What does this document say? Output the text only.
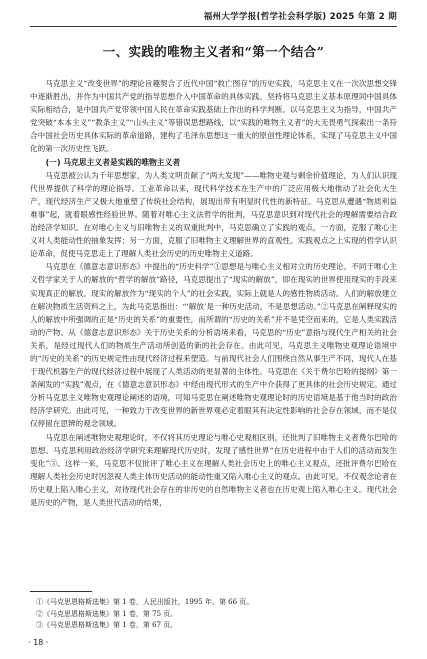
福州大学学报(哲学社会科学版) 2025 年第 2 期
一、实践的唯物主义者和“第一个结合”

马克思主义“改变世界”的理论旨趣契合了近代中国“救亡图存”的历史实践，马克思主义在一次次思想交锋中逐渐胜出，并作为中国共产党的指导思想介入中国革命的具体实践。坚持将马克思主义基本原理同中国具体实际相结合，是中国共产党带领中国人民在革命实践基础上作出的科学判断。以马克思主义为指导，中国共产党突破“本本主义”“教条主义”“山头主义”等错误思想路线，以“实践的唯物主义者”的大无畏勇气探索出一条符合中国社会历史具体实际的革命道路，建构了毛泽东思想这一重大的原创性理论体系，实现了马克思主义中国化的第一次历史性飞跃。

(一) 马克思主义者是实践的唯物主义者

马克思被公认为千年思想家，为人类文明贡献了“两大发现”——唯物史观与剩余价值理论，为人们认识现代世界提供了科学的理论指导。工业革命以来，现代科学技术在生产中的广泛应用极大地推动了社会化大生产，现代经济生产又极大地重塑了传统社会结构，展现出带有明显时代性的新特征。马克思从遭遇“物质利益难事”起，就着眼感性经验世界。随着对唯心主义法哲学的批判，马克思意识到对现代社会的理解需要结合政治经济学知识。在对唯心主义与旧唯物主义的双重批判中，马克思确立了实践的观点，一方面，克服了唯心主义对人类能动性的抽象发挥；另一方面，克服了旧唯物主义理解世界的直观性。实践观点之上实现的哲学认识论革命，促使马克思走上了理解人类社会历史的历史唯物主义道路。

马克思在《德意志意识形态》中提出的“历史科学”①思想是与唯心主义相对立的历史理论。不同于唯心主义哲学家关于人的解放的“哲学的解放”路径，马克思提出了“现实的解放”，即在现实的世界使用现实的手段来实现真正的解放。现实的解放作为“现实的个人”的社会实践，实际上就是人的感性物质活动。人们的解放建立在解决物质生活资料之上，为此马克思指出：“‘解放’是一种历史活动，不是思想活动。”②马克思在阐释现实的人的解放中所强调的正是“历史的关系”的重要性，而所谓的“历史的关系”并不是凭空而来的，它是人类实践活动的产物。从《德意志意识形态》关于历史关系的分析语境来看，马克思的“历史”意指与现代生产相关的社会关系，是经过现代人们的物质生产活动所创造的新的社会存在。由此可见，马克思主义唯物史观理论语境中的“历史的关系”的历史规定性由现代经济过程来塑造。与前现代社会人们围绕自然从事生产不同，现代人在基于现代机器生产的现代经济过程中展现了人类活动的更显著的主体性。马克思在《关于费尔巴哈的提纲》第一条阐发的“实践”观点，在《德意志意识形态》中经由现代形式的生产中介获得了更具体的社会历史规定。通过分析马克思主义唯物史观理论阐述的语境，可知马克思在阐述唯物史观理论时的历史语境是基于他当时的政治经济学研究。由此可见，一种致力于改变世界的新世界观必定着眼其有决定性影响的社会存在领域，而不是仅仅停留在思辨的观念领域。

马克思在阐述唯物史观理论时，不仅将其历史理论与唯心史观相区别，还批判了旧唯物主义者费尔巴哈的思想。马克思利用政治经济学研究来理解现代历史时，发现了感性世界“在历史进程中由于人们的活动而发生变化”③。这样一来，马克思不仅批评了唯心主义在理解人类社会历史上的唯心主义观点，还批评费尔巴哈在理解人类社会历史时因忽视人类主体历史活动的能动性重又陷入唯心主义的观点。由此可见，不仅观念论者在历史观上陷入唯心主义，对待现代社会存在的非历史的自然唯物主义者也在历史观上陷入唯心主义。现代社会是历史的产物，是人类世代活动的结果，

①《马克思恩格斯选集》第 1 卷，人民出版社，1995 年，第 66 页。
②《马克思恩格斯选集》第 1 卷，第 75 页。
③《马克思恩格斯选集》第 1 卷，第 67 页。
· 18 ·
